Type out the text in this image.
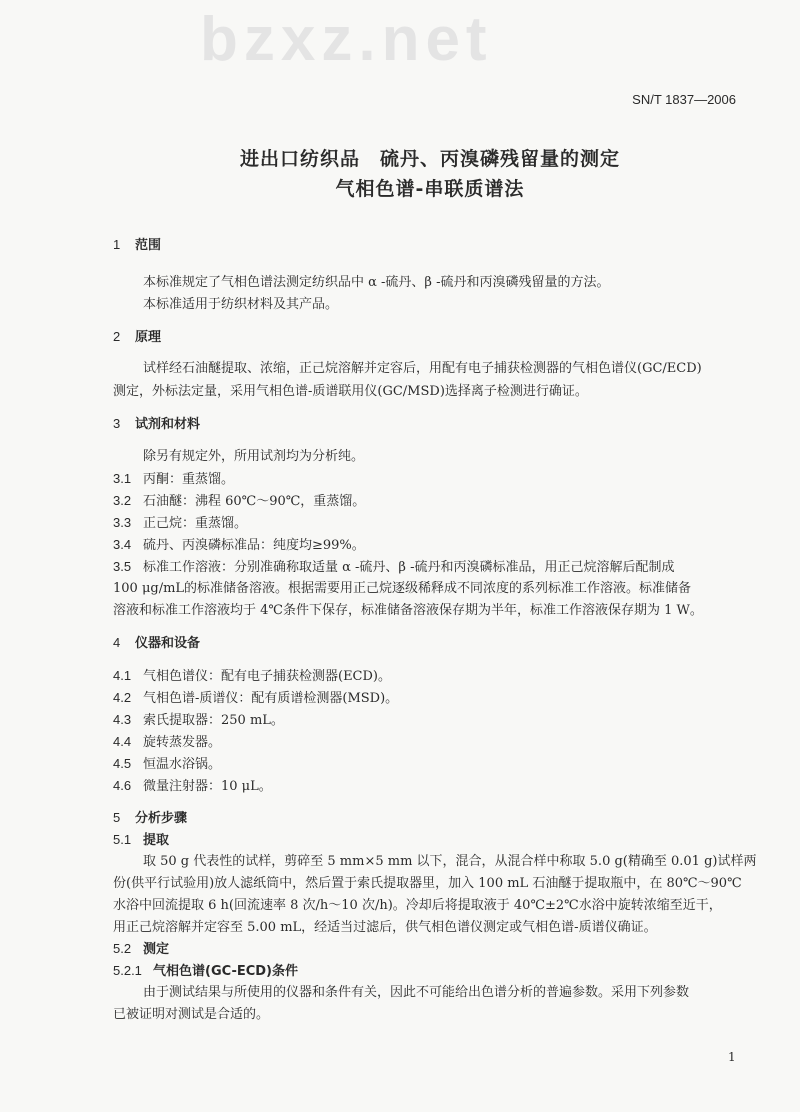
bzxz.net
SN/T 1837—2006
进出口纺织品　硫丹、丙溴磷残留量的测定
气相色谱-串联质谱法
1 范围
本标准规定了气相色谱法测定纺织品中 α -硫丹、β -硫丹和丙溴磷残留量的方法。
本标准适用于纺织材料及其产品。
2 原理
试样经石油醚提取、浓缩，正己烷溶解并定容后，用配有电子捕获检测器的气相色谱仪(GC/ECD)
测定，外标法定量，采用气相色谱-质谱联用仪(GC/MSD)选择离子检测进行确证。
3 试剂和材料
除另有规定外，所用试剂均为分析纯。
3.1 丙酮：重蒸馏。
3.2 石油醚：沸程 60℃～90℃，重蒸馏。
3.3 正己烷：重蒸馏。
3.4 硫丹、丙溴磷标准品：纯度均≥99%。
3.5 标准工作溶液：分别准确称取适量 α -硫丹、β -硫丹和丙溴磷标准品，用正己烷溶解后配制成
100 μg/mL的标准储备溶液。根据需要用正己烷逐级稀释成不同浓度的系列标准工作溶液。标准储备
溶液和标准工作溶液均于 4℃条件下保存，标准储备溶液保存期为半年，标准工作溶液保存期为 1 W。
4 仪器和设备
4.1 气相色谱仪：配有电子捕获检测器(ECD)。
4.2 气相色谱-质谱仪：配有质谱检测器(MSD)。
4.3 索氏提取器：250 mL。
4.4 旋转蒸发器。
4.5 恒温水浴锅。
4.6 微量注射器：10 μL。
5 分析步骤
5.1 提取
取 50 g 代表性的试样，剪碎至 5 mm×5 mm 以下，混合，从混合样中称取 5.0 g(精确至 0.01 g)试样两
份(供平行试验用)放人滤纸筒中，然后置于索氏提取器里，加入 100 mL 石油醚于提取瓶中，在 80℃～90℃
水浴中回流提取 6 h(回流速率 8 次/h～10 次/h)。冷却后将提取液于 40℃±2℃水浴中旋转浓缩至近干，
用正己烷溶解并定容至 5.00 mL，经适当过滤后，供气相色谱仪测定或气相色谱-质谱仪确证。
5.2 测定
5.2.1 气相色谱(GC-ECD)条件
由于测试结果与所使用的仪器和条件有关，因此不可能给出色谱分析的普遍参数。采用下列参数
已被证明对测试是合适的。
1
